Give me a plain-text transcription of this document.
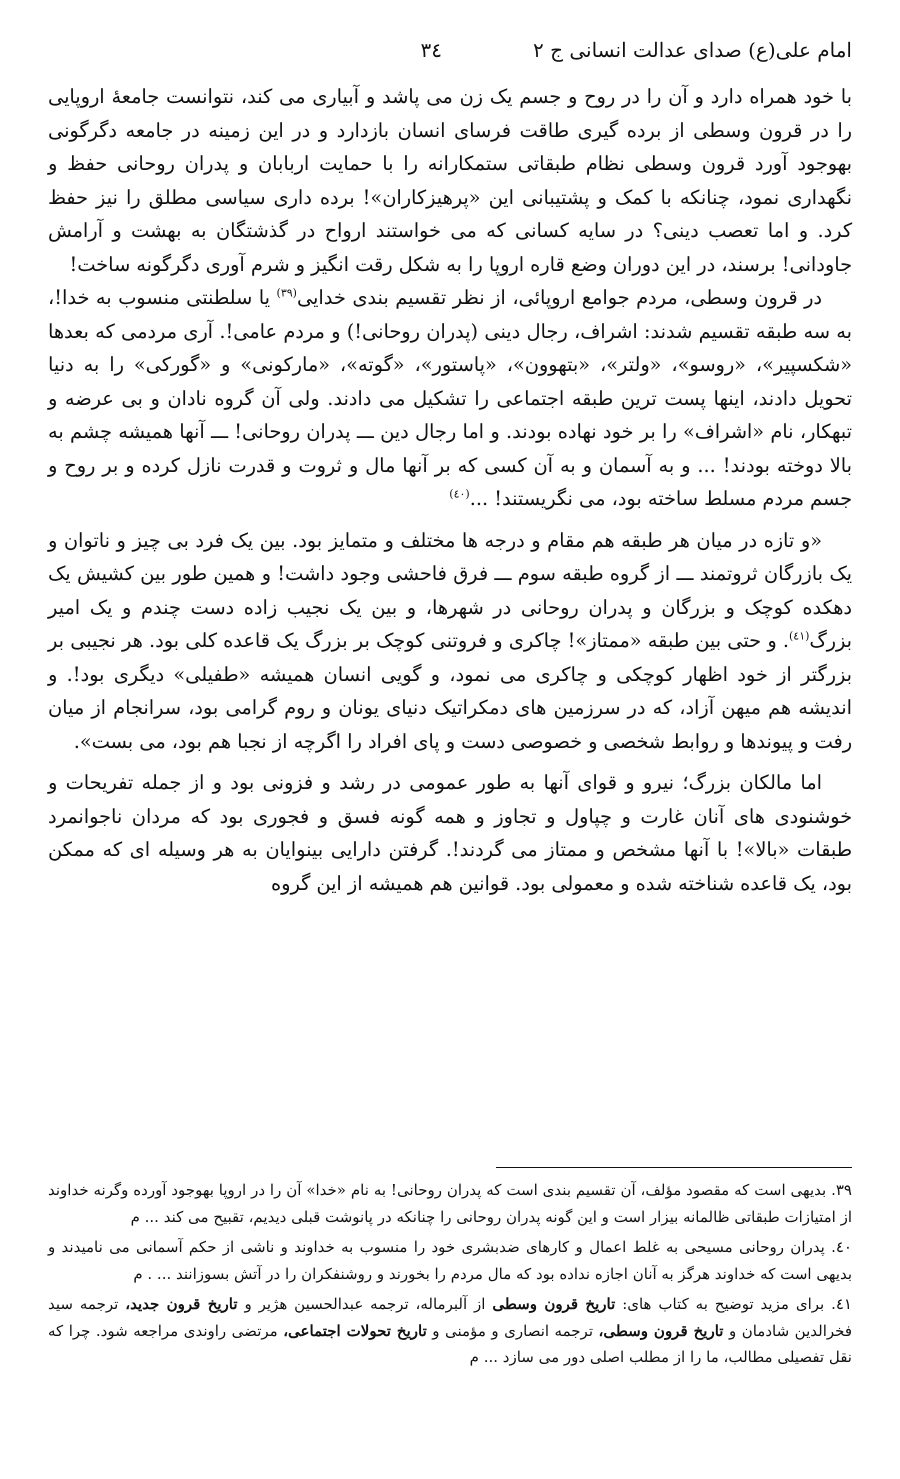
امام علی(ع) صدای عدالت انسانی ج ۲
۳٤

با خود همراه دارد و آن را در روح و جسم یک زن می پاشد و آبیاری می کند، نتوانست جامعهٔ اروپایی را در قرون وسطی از برده گیری طاقت فرسای انسان بازدارد و در این زمینه در جامعه دگرگونی بهوجود آورد قرون وسطی نظام طبقاتی ستمکارانه را با حمایت اربابان و پدران روحانی حفظ و نگهداری نمود، چنانکه با کمک و پشتیبانی این «پرهیزکاران»! برده داری سیاسی مطلق را نیز حفظ کرد. و اما تعصب دینی؟ در سایه کسانی که می خواستند ارواح در گذشتگان به بهشت و آرامش جاودانی! برسند، در این دوران وضع قاره اروپا را به شکل رقت انگیز و شرم آوری دگرگونه ساخت!

در قرون وسطی، مردم جوامع اروپائی، از نظر تقسیم بندی خدایی$^{(۳۹)}$ یا سلطنتی منسوب به خدا!، به سه طبقه تقسیم شدند: اشراف، رجال دینی (پدران روحانی!) و مردم عامی!. آری مردمی که بعدها «شکسپیر»، «روسو»، «ولتر»، «بتهوون»، «پاستور»، «گوته»، «مارکونی» و «گورکی» را به دنیا تحویل دادند، اینها پست ترین طبقه اجتماعی را تشکیل می دادند. ولی آن گروه نادان و بی عرضه و تبهکار، نام «اشراف» را بر خود نهاده بودند. و اما رجال دین ـــ پدران روحانی! ـــ آنها همیشه چشم به بالا دوخته بودند! ... و به آسمان و به آن کسی که بر آنها مال و ثروت و قدرت نازل کرده و بر روح و جسم مردم مسلط ساخته بود، می نگریستند! ...$^{(٤۰)}$

«و تازه در میان هر طبقه هم مقام و درجه ها مختلف و متمایز بود. بین یک فرد بی چیز و ناتوان و یک بازرگان ثروتمند ـــ از گروه طبقه سوم ـــ فرق فاحشی وجود داشت! و همین طور بین کشیش یک دهکده کوچک و بزرگان و پدران روحانی در شهرها، و بین یک نجیب زاده دست چندم و یک امیر بزرگ$^{(٤۱)}$. و حتی بین طبقه «ممتاز»! چاکری و فروتنی کوچک بر بزرگ یک قاعده کلی بود. هر نجیبی بر بزرگتر از خود اظهار کوچکی و چاکری می نمود، و گویی انسان همیشه «طفیلی» دیگری بود!. و اندیشه هم میهن آزاد، که در سرزمین های دمکراتیک دنیای یونان و روم گرامی بود، سرانجام از میان رفت و پیوندها و روابط شخصی و خصوصی دست و پای افراد را اگرچه از نجبا هم بود، می بست».

اما مالکان بزرگ؛ نیرو و قوای آنها به طور عمومی در رشد و فزونی بود و از جمله تفریحات و خوشنودی های آنان غارت و چپاول و تجاوز و همه گونه فسق و فجوری بود که مردان ناجوانمرد طبقات «بالا»! با آنها مشخص و ممتاز می گردند!. گرفتن دارایی بینوایان به هر وسیله ای که ممکن بود، یک قاعده شناخته شده و معمولی بود. قوانین هم همیشه از این گروه

۳۹. بدیهی است که مقصود مؤلف، آن تقسیم بندی است که پدران روحانی! به نام «خدا» آن را در اروپا بهوجود آورده وگرنه خداوند از امتیازات طبقاتی ظالمانه بیزار است و این گونه پدران روحانی را چنانکه در پانوشت قبلی دیدیم، تقبیح می کند ... م

٤۰. پدران روحانی مسیحی به غلط اعمال و کارهای ضدبشری خود را منسوب به خداوند و ناشی از حکم آسمانی می نامیدند و بدیهی است که خداوند هرگز به آنان اجازه نداده بود که مال مردم را بخورند و روشنفکران را در آتش بسوزانند ... . م

٤۱. برای مزید توضیح به کتاب های: تاریخ قرون وسطی از آلبرماله، ترجمه عبدالحسین هژیر و تاریخ قرون جدید، ترجمه سید فخرالدین شادمان و تاریخ قرون وسطی، ترجمه انصاری و مؤمنی و تاریخ تحولات اجتماعی، مرتضی راوندی مراجعه شود. چرا که نقل تفصیلی مطالب، ما را از مطلب اصلی دور می سازد ... م
